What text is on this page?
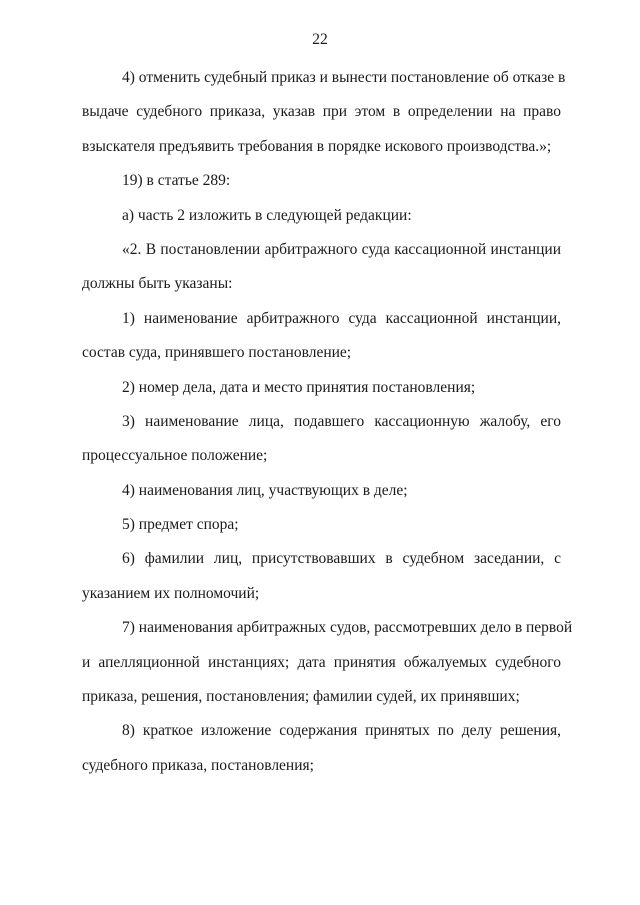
22

4) отменить судебный приказ и вынести постановление об отказе в
выдаче судебного приказа, указав при этом в определении на право
взыскателя предъявить требования в порядке искового производства.»;

19) в статье 289:

а) часть 2 изложить в следующей редакции:

«2. В постановлении арбитражного суда кассационной инстанции
должны быть указаны:

1) наименование арбитражного суда кассационной инстанции,
состав суда, принявшего постановление;

2) номер дела, дата и место принятия постановления;

3) наименование лица, подавшего кассационную жалобу, его
процессуальное положение;

4) наименования лиц, участвующих в деле;

5) предмет спора;

6) фамилии лиц, присутствовавших в судебном заседании, с
указанием их полномочий;

7) наименования арбитражных судов, рассмотревших дело в первой
и апелляционной инстанциях; дата принятия обжалуемых судебного
приказа, решения, постановления; фамилии судей, их принявших;

8) краткое изложение содержания принятых по делу решения,
судебного приказа, постановления;
